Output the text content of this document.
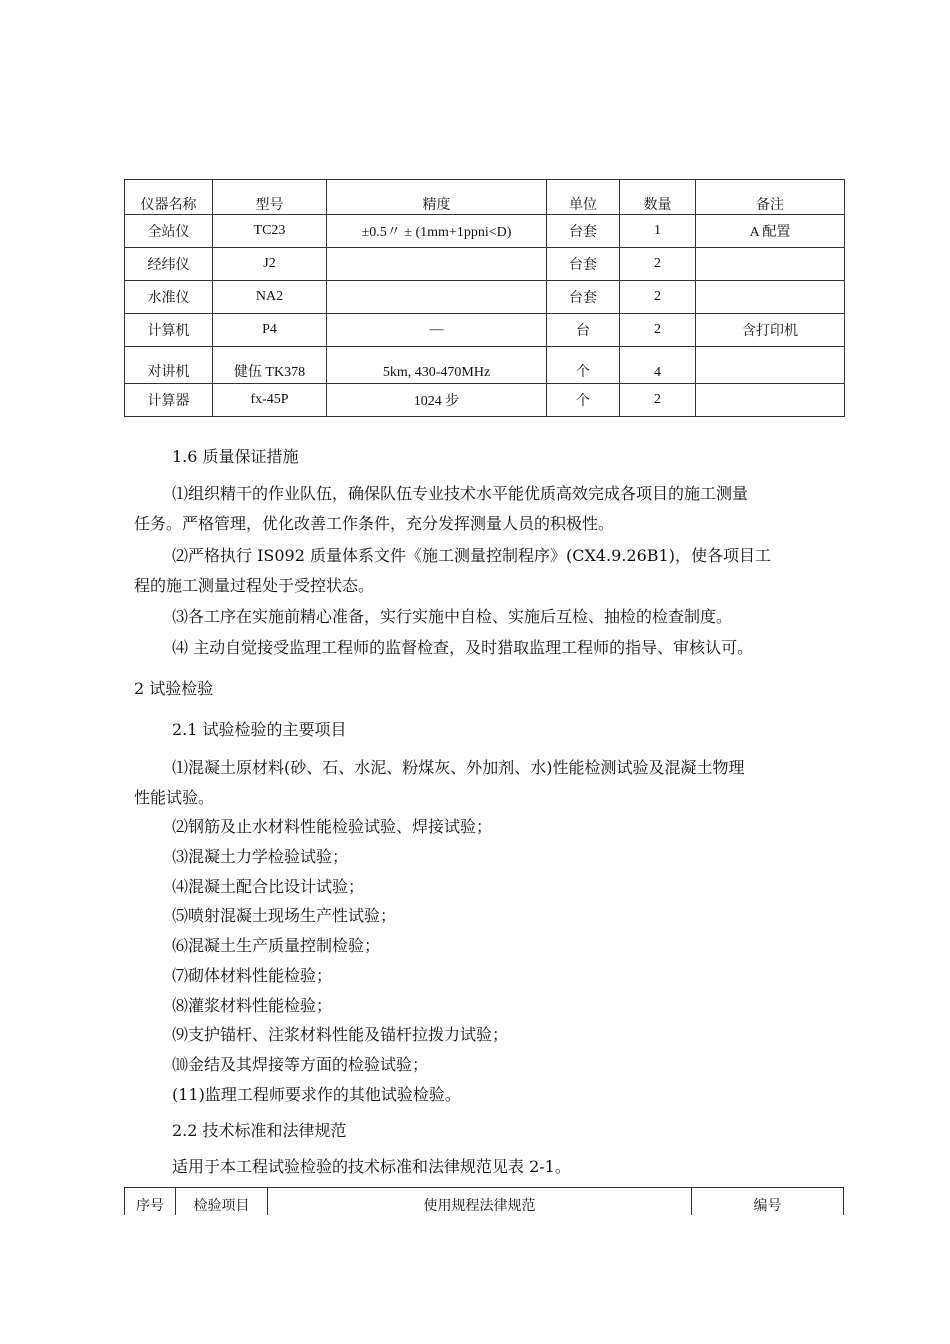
仪器名称	型号	精度	单位	数量	备注
全站仪	TC23	±0.5〃 ± (1mm+1ppni<D)	台套	1	A 配置
经纬仪	J2		台套	2	
水准仪	NA2		台套	2	
计算机	P4	—	台	2	含打印机
对讲机	健伍 TK378	5km, 430-470MHz	个	4	
计算器	fx-45P	1024 步	个	2	
1.6 质量保证措施
⑴组织精干的作业队伍，确保队伍专业技术水平能优质高效完成各项目的施工测量
任务。严格管理，优化改善工作条件，充分发挥测量人员的积极性。
⑵严格执行 IS092 质量体系文件《施工测量控制程序》(CX4.9.26B1)，使各项目工
程的施工测量过程处于受控状态。
⑶各工序在实施前精心准备，实行实施中自检、实施后互检、抽检的检查制度。
⑷ 主动自觉接受监理工程师的监督检查，及时猎取监理工程师的指导、审核认可。
2 试验检验
2.1 试验检验的主要项目
⑴混凝土原材料(砂、石、水泥、粉煤灰、外加剂、水)性能检测试验及混凝土物理
性能试验。
⑵钢筋及止水材料性能检验试验、焊接试验；
⑶混凝土力学检验试验；
⑷混凝土配合比设计试验；
⑸喷射混凝土现场生产性试验；
⑹混凝土生产质量控制检验；
⑺砌体材料性能检验；
⑻灌浆材料性能检验；
⑼支护锚杆、注浆材料性能及锚杆拉拨力试验；
⑽金结及其焊接等方面的检验试验；
(11)监理工程师要求作的其他试验检验。
2.2 技术标准和法律规范
适用于本工程试验检验的技术标准和法律规范见表 2-1。
序号	检验项目	使用规程法律规范	编号
